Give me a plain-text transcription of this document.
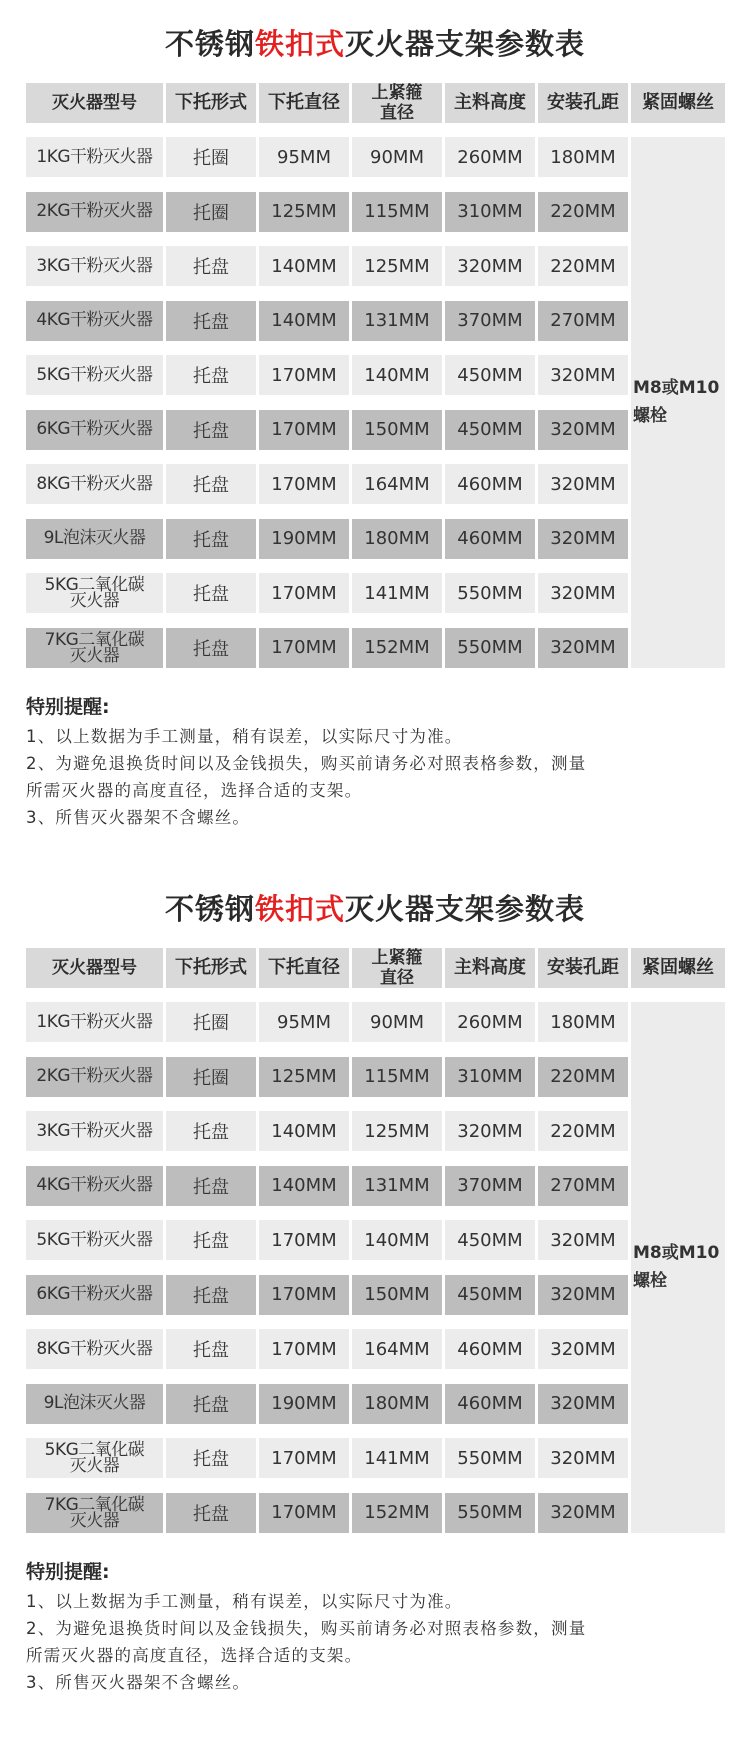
不锈钢铁扣式灭火器支架参数表
灭火器型号	下托形式	下托直径	上紧箍直径	主料高度	安装孔距	紧固螺丝
1KG干粉灭火器	托圈	95MM	90MM	260MM	180MM
2KG干粉灭火器	托圈	125MM	115MM	310MM	220MM
3KG干粉灭火器	托盘	140MM	125MM	320MM	220MM
4KG干粉灭火器	托盘	140MM	131MM	370MM	270MM
5KG干粉灭火器	托盘	170MM	140MM	450MM	320MM
6KG干粉灭火器	托盘	170MM	150MM	450MM	320MM
8KG干粉灭火器	托盘	170MM	164MM	460MM	320MM
9L泡沫灭火器	托盘	190MM	180MM	460MM	320MM
5KG二氧化碳灭火器	托盘	170MM	141MM	550MM	320MM
7KG二氧化碳灭火器	托盘	170MM	152MM	550MM	320MM
M8或M10
螺栓
特别提醒:
1、以上数据为手工测量，稍有误差，以实际尺寸为准。
2、为避免退换货时间以及金钱损失，购买前请务必对照表格参数，测量
所需灭火器的高度直径，选择合适的支架。
3、所售灭火器架不含螺丝。
不锈钢铁扣式灭火器支架参数表
灭火器型号	下托形式	下托直径	上紧箍直径	主料高度	安装孔距	紧固螺丝
1KG干粉灭火器	托圈	95MM	90MM	260MM	180MM
2KG干粉灭火器	托圈	125MM	115MM	310MM	220MM
3KG干粉灭火器	托盘	140MM	125MM	320MM	220MM
4KG干粉灭火器	托盘	140MM	131MM	370MM	270MM
5KG干粉灭火器	托盘	170MM	140MM	450MM	320MM
6KG干粉灭火器	托盘	170MM	150MM	450MM	320MM
8KG干粉灭火器	托盘	170MM	164MM	460MM	320MM
9L泡沫灭火器	托盘	190MM	180MM	460MM	320MM
5KG二氧化碳灭火器	托盘	170MM	141MM	550MM	320MM
7KG二氧化碳灭火器	托盘	170MM	152MM	550MM	320MM
M8或M10
螺栓
特别提醒:
1、以上数据为手工测量，稍有误差，以实际尺寸为准。
2、为避免退换货时间以及金钱损失，购买前请务必对照表格参数，测量
所需灭火器的高度直径，选择合适的支架。
3、所售灭火器架不含螺丝。
